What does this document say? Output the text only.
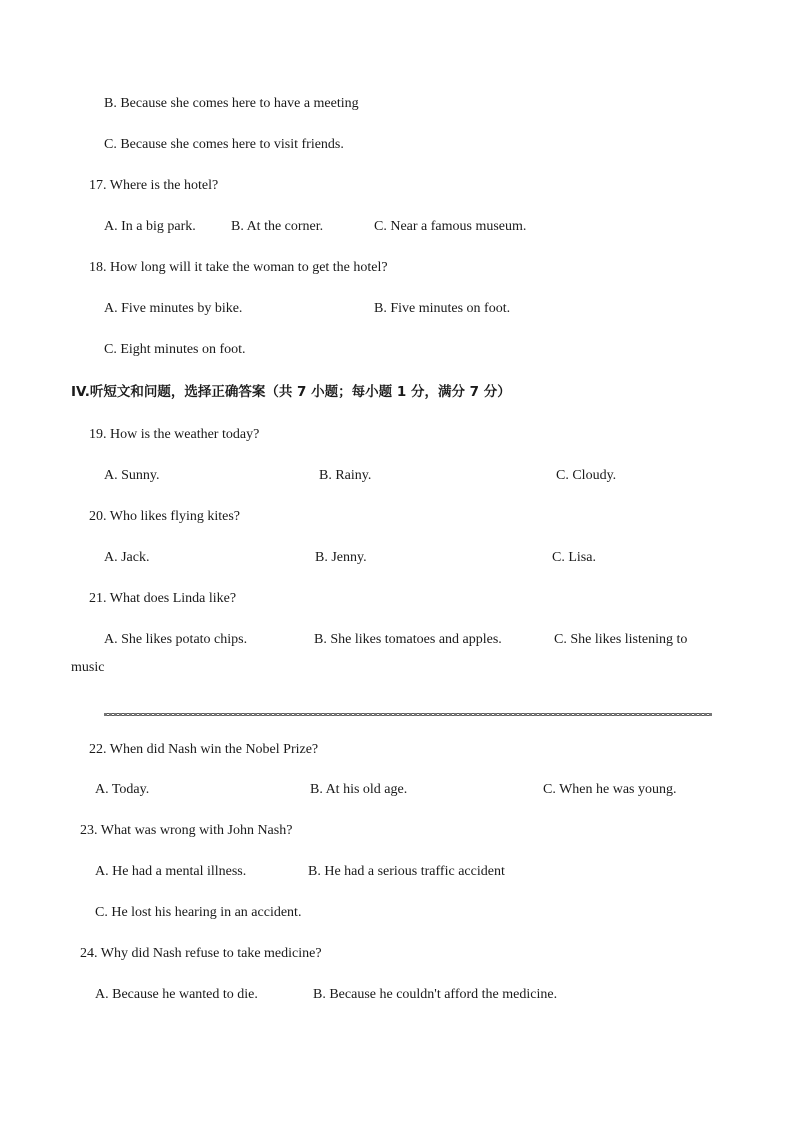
B. Because she comes here to have a meeting
C. Because she comes here to visit friends.
17. Where is the hotel?
A. In a big park.	B. At the corner.	C. Near a famous museum.
18. How long will it take the woman to get the hotel?
A. Five minutes by bike.	B. Five minutes on foot.
C. Eight minutes on foot.
IV.听短文和问题，选择正确答案（共 7 小题；每小题 1 分，满分 7 分）
19. How is the weather today?
A. Sunny.	B. Rainy.	C. Cloudy.
20. Who likes flying kites?
A. Jack.	B. Jenny.	C. Lisa.
21. What does Linda like?
A. She likes potato chips.	B. She likes tomatoes and apples.	C. She likes listening to
music
22. When did Nash win the Nobel Prize?
A. Today.	B. At his old age.	C. When he was young.
23. What was wrong with John Nash?
A. He had a mental illness.	B. He had a serious traffic accident
C. He lost his hearing in an accident.
24. Why did Nash refuse to take medicine?
A. Because he wanted to die.	B. Because he couldn't afford the medicine.
